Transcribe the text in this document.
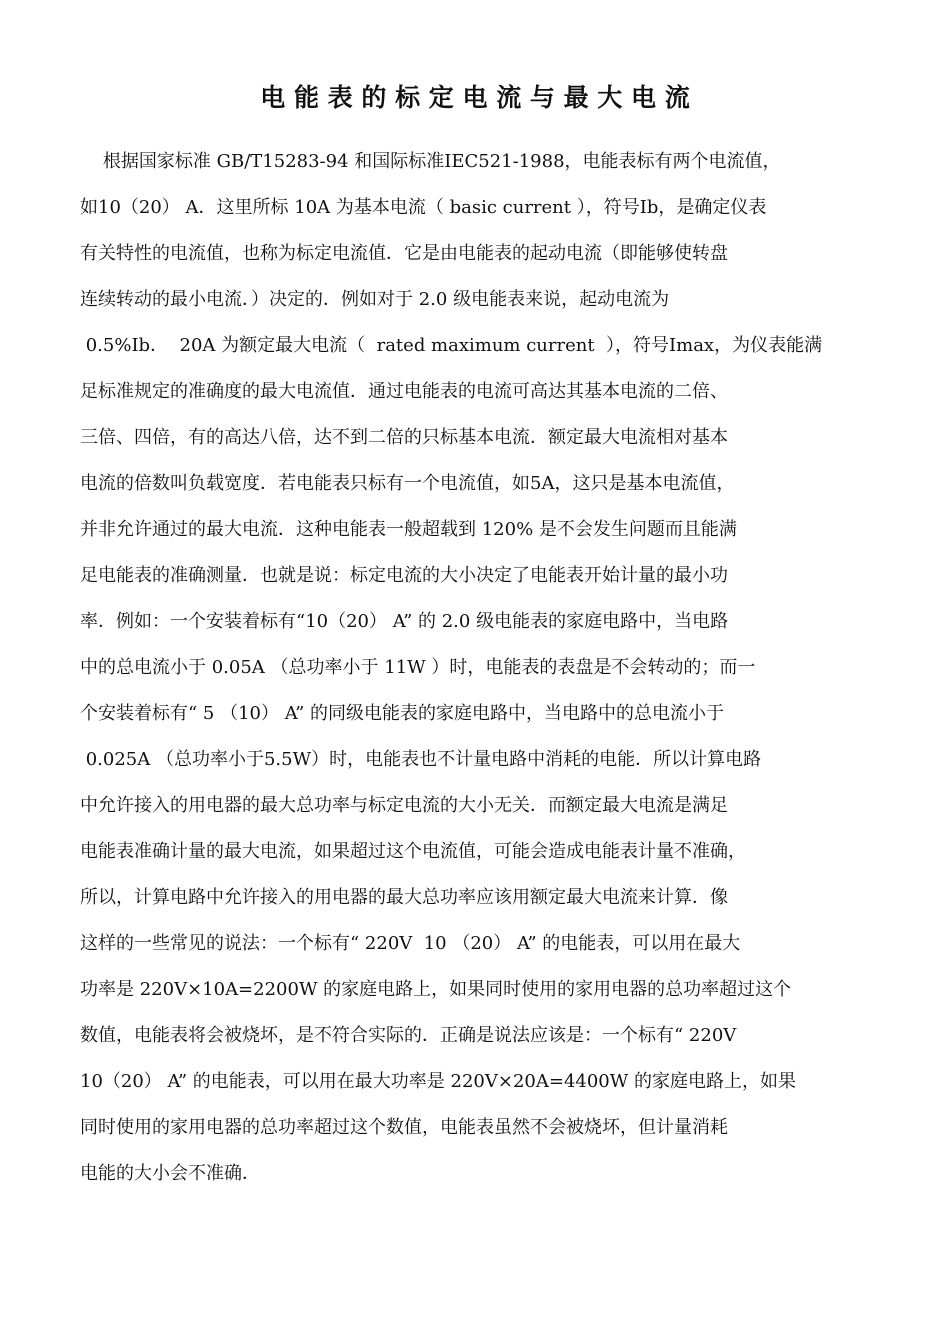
电 能 表 的 标 定 电 流 与 最 大 电 流
根据国家标准 GB/T15283-94 和国际标准IEC521-1988，电能表标有两个电流值，
如10（20） A．这里所标 10A 为基本电流（ basic current ），符号Ib，是确定仪表
有关特性的电流值，也称为标定电流值．它是由电能表的起动电流（即能够使转盘
连续转动的最小电流．）决定的．例如对于 2.0 级电能表来说，起动电流为
0.5%Ib．  20A 为额定最大电流（  rated maximum current  ），符号Imax，为仪表能满
足标准规定的准确度的最大电流值．通过电能表的电流可高达其基本电流的二倍、
三倍、四倍，有的高达八倍，达不到二倍的只标基本电流．额定最大电流相对基本
电流的倍数叫负载宽度．若电能表只标有一个电流值，如5A，这只是基本电流值，
并非允许通过的最大电流．这种电能表一般超载到 120% 是不会发生问题而且能满
足电能表的准确测量．也就是说：标定电流的大小决定了电能表开始计量的最小功
率．例如：一个安装着标有“10（20） A” 的 2.0 级电能表的家庭电路中，当电路
中的总电流小于 0.05A （总功率小于 11W ）时，电能表的表盘是不会转动的；而一
个安装着标有“ 5 （10） A” 的同级电能表的家庭电路中，当电路中的总电流小于
0.025A （总功率小于5.5W）时，电能表也不计量电路中消耗的电能．所以计算电路
中允许接入的用电器的最大总功率与标定电流的大小无关．而额定最大电流是满足
电能表准确计量的最大电流，如果超过这个电流值，可能会造成电能表计量不准确，
所以，计算电路中允许接入的用电器的最大总功率应该用额定最大电流来计算．像
这样的一些常见的说法：一个标有“ 220V  10 （20） A” 的电能表，可以用在最大
功率是 220V×10A=2200W 的家庭电路上，如果同时使用的家用电器的总功率超过这个
数值，电能表将会被烧坏，是不符合实际的．正确是说法应该是：一个标有“ 220V
10（20） A” 的电能表，可以用在最大功率是 220V×20A=4400W 的家庭电路上，如果
同时使用的家用电器的总功率超过这个数值，电能表虽然不会被烧坏，但计量消耗
电能的大小会不准确．
